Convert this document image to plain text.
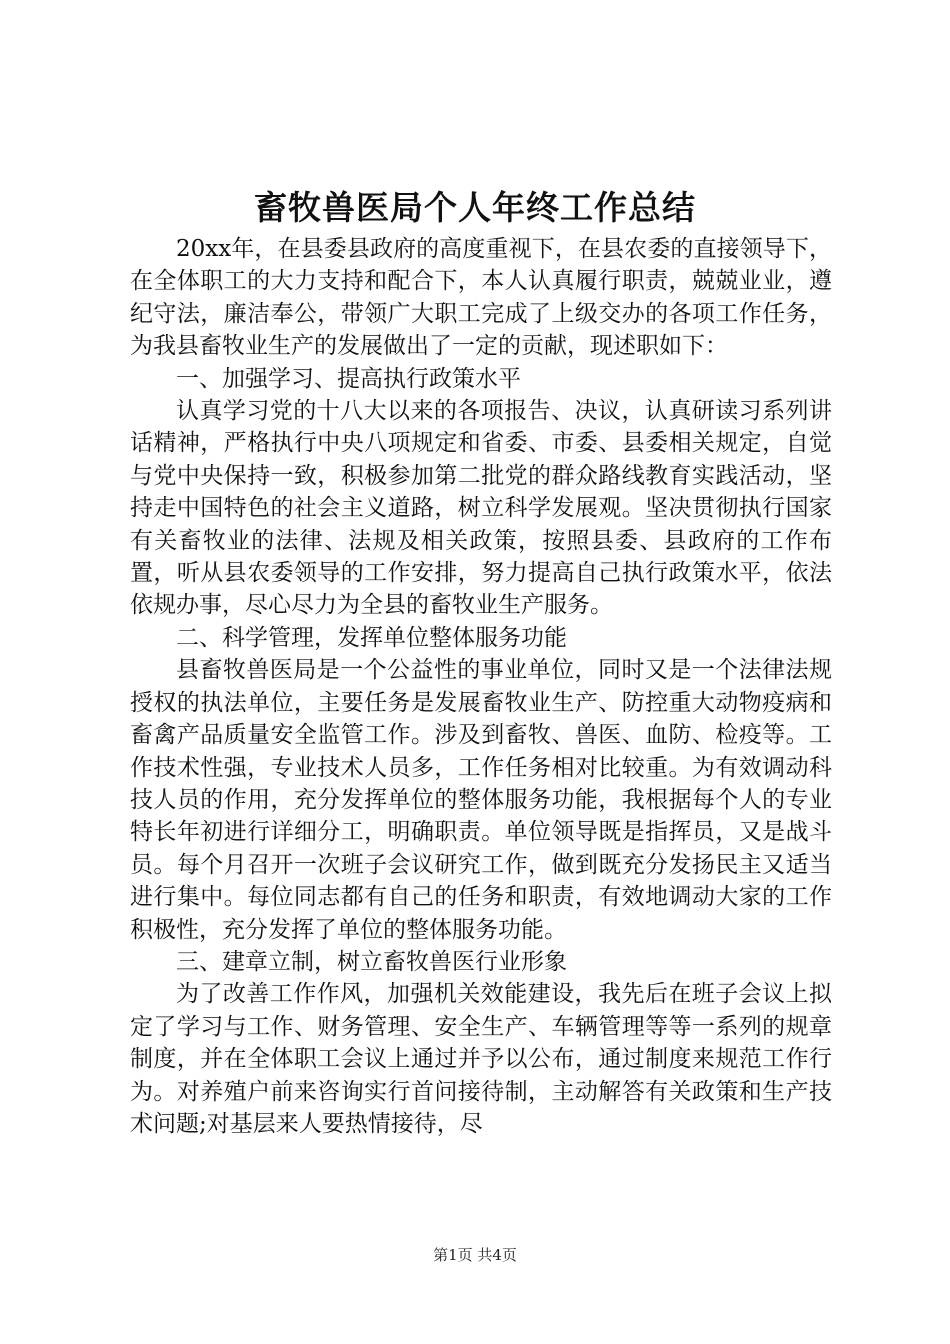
畜牧兽医局个人年终工作总结

20xx年，在县委县政府的高度重视下，在县农委的直接领导下，在全体职工的大力支持和配合下，本人认真履行职责，兢兢业业，遵纪守法，廉洁奉公，带领广大职工完成了上级交办的各项工作任务，为我县畜牧业生产的发展做出了一定的贡献，现述职如下：

一、加强学习、提高执行政策水平

认真学习党的十八大以来的各项报告、决议，认真研读习系列讲话精神，严格执行中央八项规定和省委、市委、县委相关规定，自觉与党中央保持一致，积极参加第二批党的群众路线教育实践活动，坚持走中国特色的社会主义道路，树立科学发展观。坚决贯彻执行国家有关畜牧业的法律、法规及相关政策，按照县委、县政府的工作布置，听从县农委领导的工作安排，努力提高自己执行政策水平，依法依规办事，尽心尽力为全县的畜牧业生产服务。

二、科学管理，发挥单位整体服务功能

县畜牧兽医局是一个公益性的事业单位，同时又是一个法律法规授权的执法单位，主要任务是发展畜牧业生产、防控重大动物疫病和畜禽产品质量安全监管工作。涉及到畜牧、兽医、血防、检疫等。工作技术性强，专业技术人员多，工作任务相对比较重。为有效调动科技人员的作用，充分发挥单位的整体服务功能，我根据每个人的专业特长年初进行详细分工，明确职责。单位领导既是指挥员，又是战斗员。每个月召开一次班子会议研究工作，做到既充分发扬民主又适当进行集中。每位同志都有自己的任务和职责，有效地调动大家的工作积极性，充分发挥了单位的整体服务功能。

三、建章立制，树立畜牧兽医行业形象

为了改善工作作风，加强机关效能建设，我先后在班子会议上拟定了学习与工作、财务管理、安全生产、车辆管理等等一系列的规章制度，并在全体职工会议上通过并予以公布，通过制度来规范工作行为。对养殖户前来咨询实行首问接待制，主动解答有关政策和生产技术问题;对基层来人要热情接待，尽

第1页 共4页
